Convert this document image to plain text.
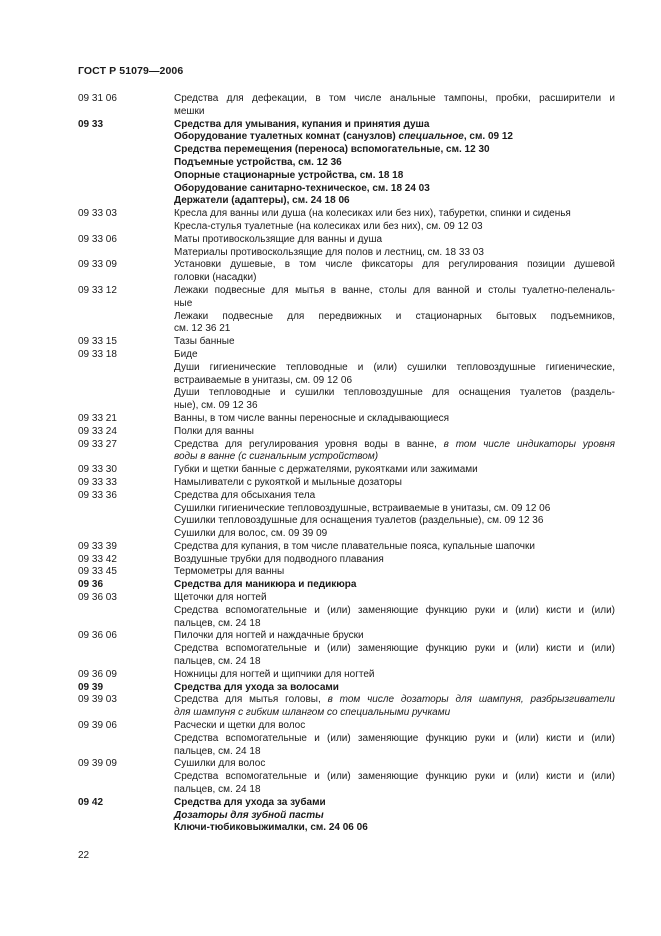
ГОСТ Р 51079—2006
09 31 06	Средства для дефекации, в том числе анальные тампоны, пробки, расширители и
мешки
09 33	Средства для умывания, купания и принятия душа
Оборудование туалетных комнат (санузлов) специальное, см. 09 12
Средства перемещения (переноса) вспомогательные, см. 12 30
Подъемные устройства, см. 12 36
Опорные стационарные устройства, см. 18 18
Оборудование санитарно-техническое, см. 18 24 03
Держатели (адаптеры), см. 24 18 06
09 33 03	Кресла для ванны или душа (на колесиках или без них), табуретки, спинки и сиденья
Кресла-стулья туалетные (на колесиках или без них), см. 09 12 03
09 33 06	Маты противоскользящие для ванны и душа
Материалы противоскользящие для полов и лестниц, см. 18 33 03
09 33 09	Установки душевые, в том числе фиксаторы для регулирования позиции душевой
головки (насадки)
09 33 12	Лежаки подвесные для мытья в ванне, столы для ванной и столы туалетно-пеленаль-
ные
Лежаки подвесные для передвижных и стационарных бытовых подъемников,
см. 12 36 21
09 33 15	Тазы банные
09 33 18	Биде
Души гигиенические тепловодные и (или) сушилки тепловоздушные гигиенические,
встраиваемые в унитазы, см. 09 12 06
Души тепловодные и сушилки тепловоздушные для оснащения туалетов (раздель-
ные), см. 09 12 36
09 33 21	Ванны, в том числе ванны переносные и складывающиеся
09 33 24	Полки для ванны
09 33 27	Средства для регулирования уровня воды в ванне, в том числе индикаторы уровня
воды в ванне (с сигнальным устройством)
09 33 30	Губки и щетки банные с держателями, рукоятками или зажимами
09 33 33	Намыливатели с рукояткой и мыльные дозаторы
09 33 36	Средства для обсыхания тела
Сушилки гигиенические тепловоздушные, встраиваемые в унитазы, см. 09 12 06
Сушилки тепловоздушные для оснащения туалетов (раздельные), см. 09 12 36
Сушилки для волос, см. 09 39 09
09 33 39	Средства для купания, в том числе плавательные пояса, купальные шапочки
09 33 42	Воздушные трубки для подводного плавания
09 33 45	Термометры для ванны
09 36	Средства для маникюра и педикюра
09 36 03	Щеточки для ногтей
Средства вспомогательные и (или) заменяющие функцию руки и (или) кисти и (или)
пальцев, см. 24 18
09 36 06	Пилочки для ногтей и наждачные бруски
Средства вспомогательные и (или) заменяющие функцию руки и (или) кисти и (или)
пальцев, см. 24 18
09 36 09	Ножницы для ногтей и щипчики для ногтей
09 39	Средства для ухода за волосами
09 39 03	Средства для мытья головы, в том числе дозаторы для шампуня, разбрызгиватели
для шампуня с гибким шлангом со специальными ручками
09 39 06	Расчески и щетки для волос
Средства вспомогательные и (или) заменяющие функцию руки и (или) кисти и (или)
пальцев, см. 24 18
09 39 09	Сушилки для волос
Средства вспомогательные и (или) заменяющие функцию руки и (или) кисти и (или)
пальцев, см. 24 18
09 42	Средства для ухода за зубами
Дозаторы для зубной пасты
Ключи-тюбиковыжималки, см. 24 06 06
22
